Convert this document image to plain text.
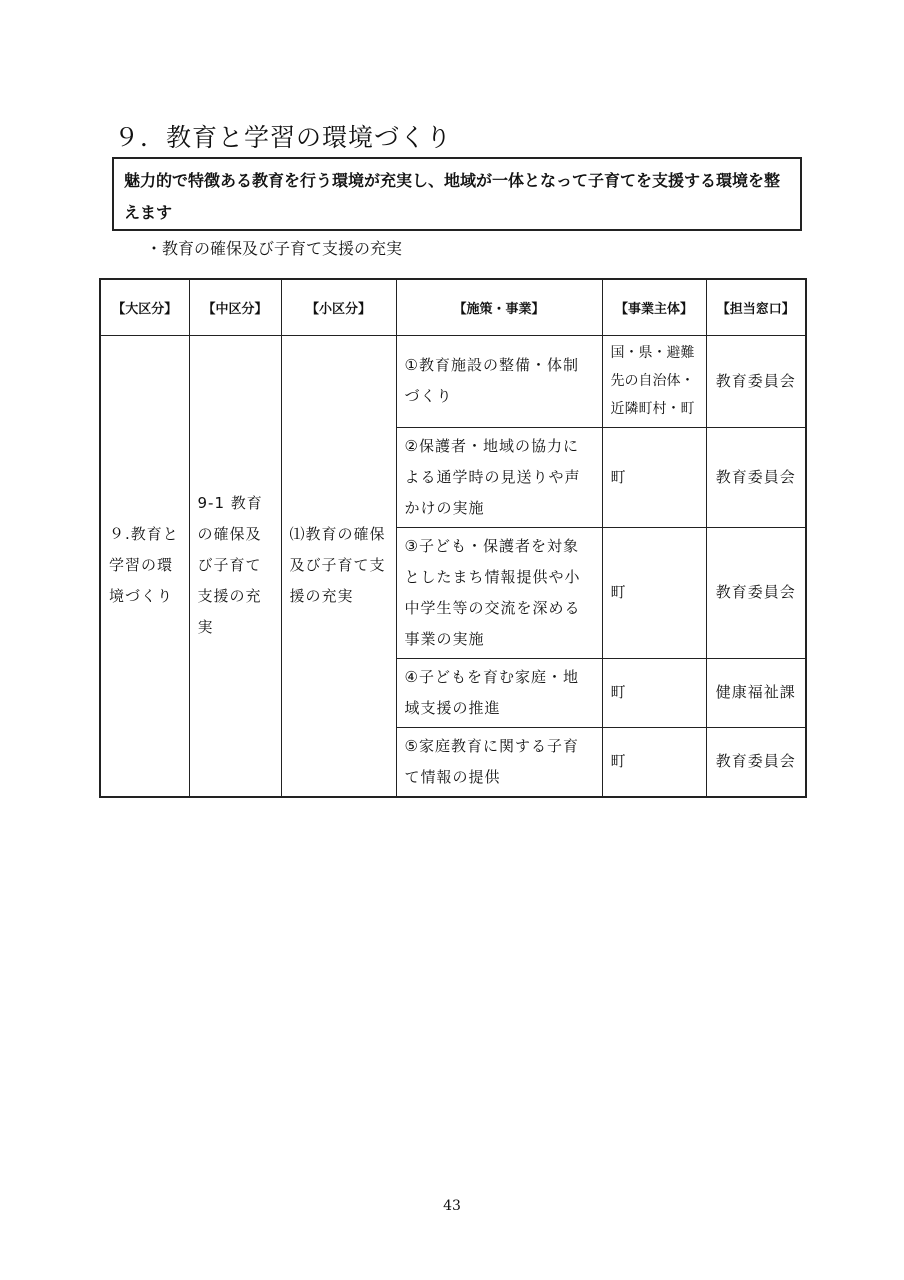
９．教育と学習の環境づくり
魅力的で特徴ある教育を行う環境が充実し、地域が一体となって子育てを支援する環境を整えます
・教育の確保及び子育て支援の充実
【大区分】	【中区分】	【小区分】	【施策・事業】	【事業主体】	【担当窓口】
９.教育と学習の環境づくり	9-1 教育の確保及び子育て支援の充実	⑴教育の確保及び子育て支援の充実	①教育施設の整備・体制づくり	国・県・避難先の自治体・近隣町村・町	教育委員会
			②保護者・地域の協力による通学時の見送りや声かけの実施	町	教育委員会
			③子ども・保護者を対象としたまち情報提供や小中学生等の交流を深める事業の実施	町	教育委員会
			④子どもを育む家庭・地域支援の推進	町	健康福祉課
			⑤家庭教育に関する子育て情報の提供	町	教育委員会
43
